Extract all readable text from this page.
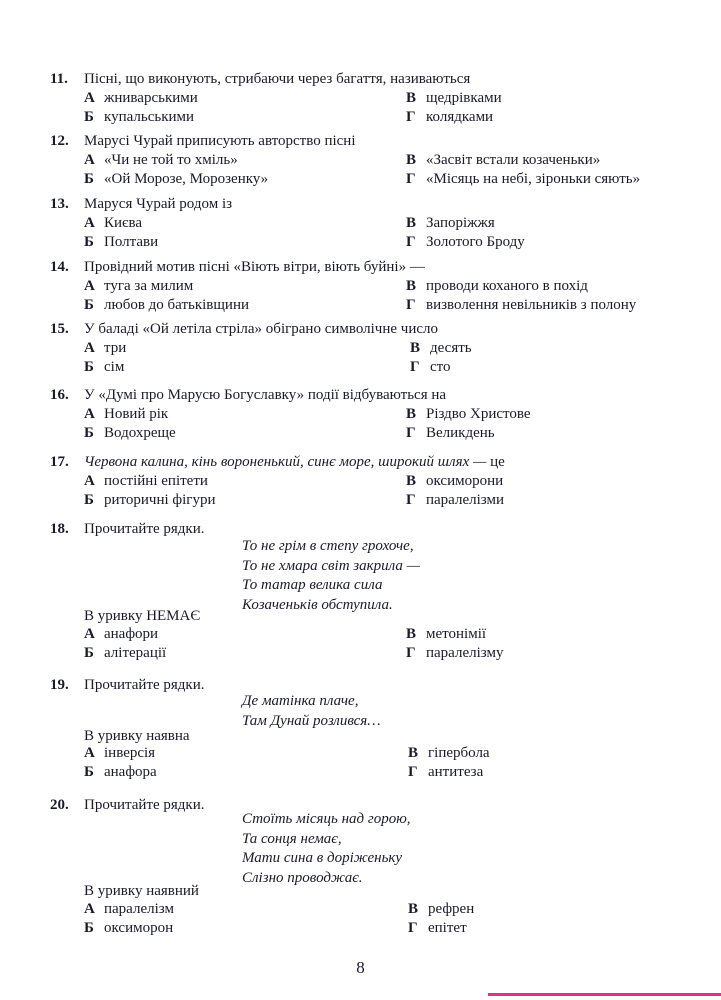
11. Пісні, що виконують, стрибаючи через багаття, називаються
А жниварськими
Б купальськими
В щедрівками
Г колядками
12. Марусі Чурай приписують авторство пісні
А «Чи не той то хміль»
Б «Ой Морозе, Морозенку»
В «Засвіт встали козаченьки»
Г «Місяць на небі, зіроньки сяють»
13. Маруся Чурай родом із
А Києва
Б Полтави
В Запоріжжя
Г Золотого Броду
14. Провідний мотив пісні «Віють вітри, віють буйні» —
А туга за милим
Б любов до батьківщини
В проводи коханого в похід
Г визволення невільників з полону
15. У баладі «Ой летіла стріла» обіграно символічне число
А три
Б сім
В десять
Г сто
16. У «Думі про Марусю Богуславку» події відбуваються на
А Новий рік
Б Водохреще
В Різдво Христове
Г Великдень
17. Червона калина, кінь вороненький, синє море, широкий шлях — це
А постійні епітети
Б риторичні фігури
В оксиморони
Г паралелізми
18. Прочитайте рядки.
То не грім в степу грохоче,
То не хмара світ закрила —
То татар велика сила
Козаченьків обступила.
В уривку НЕМАЄ
А анафори
Б алітерації
В метонімії
Г паралелізму
19. Прочитайте рядки.
Де матінка плаче,
Там Дунай розлився…
В уривку наявна
А інверсія
Б анафора
В гіпербола
Г антитеза
20. Прочитайте рядки.
Стоїть місяць над горою,
Та сонця немає,
Мати сина в доріженьку
Слізно проводжає.
В уривку наявний
А паралелізм
Б оксиморон
В рефрен
Г епітет
8
